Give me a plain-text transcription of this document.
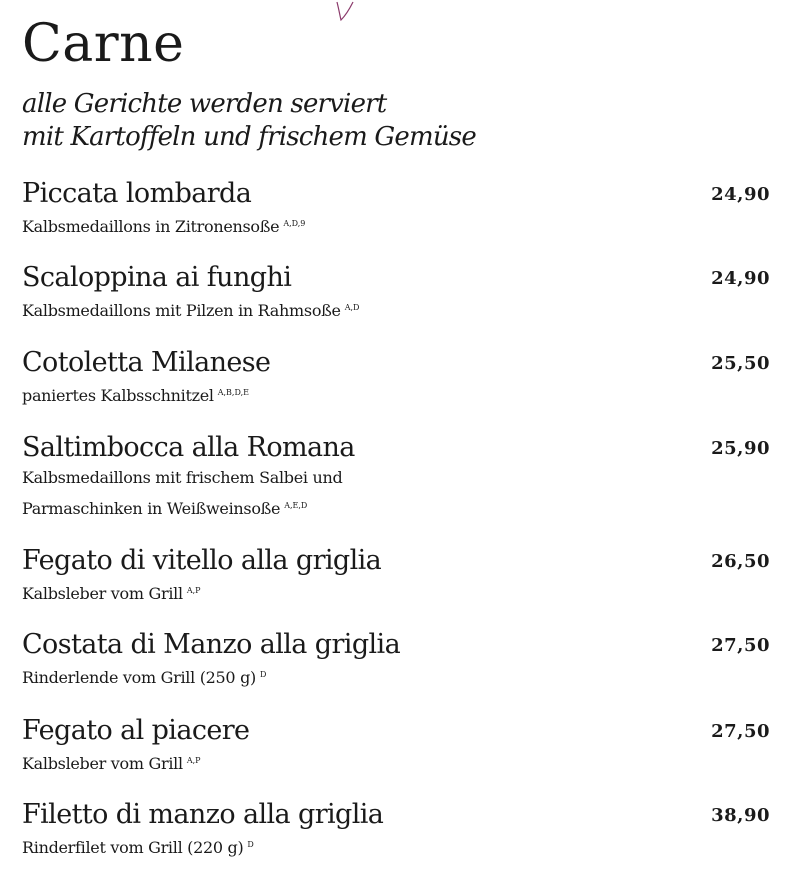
Carne
alle Gerichte werden serviert
mit Kartoffeln und frischem Gemüse
Piccata lombarda
Kalbsmedaillons in Zitronensoße $^{A,D,9}$
24,90
Scaloppina ai funghi
Kalbsmedaillons mit Pilzen in Rahmsoße $^{A,D}$
24,90
Cotoletta Milanese
paniertes Kalbsschnitzel $^{A,B,D,E}$
25,50
Saltimbocca alla Romana
Kalbsmedaillons mit frischem Salbei und
Parmaschinken in Weißweinsoße $^{A,E,D}$
25,90
Fegato di vitello alla griglia
Kalbsleber vom Grill $^{A,P}$
26,50
Costata di Manzo alla griglia
Rinderlende vom Grill (250 g) $^D$
27,50
Fegato al piacere
Kalbsleber vom Grill $^{A,P}$
27,50
Filetto di manzo alla griglia
Rinderfilet vom Grill (220 g) $^D$
38,90
